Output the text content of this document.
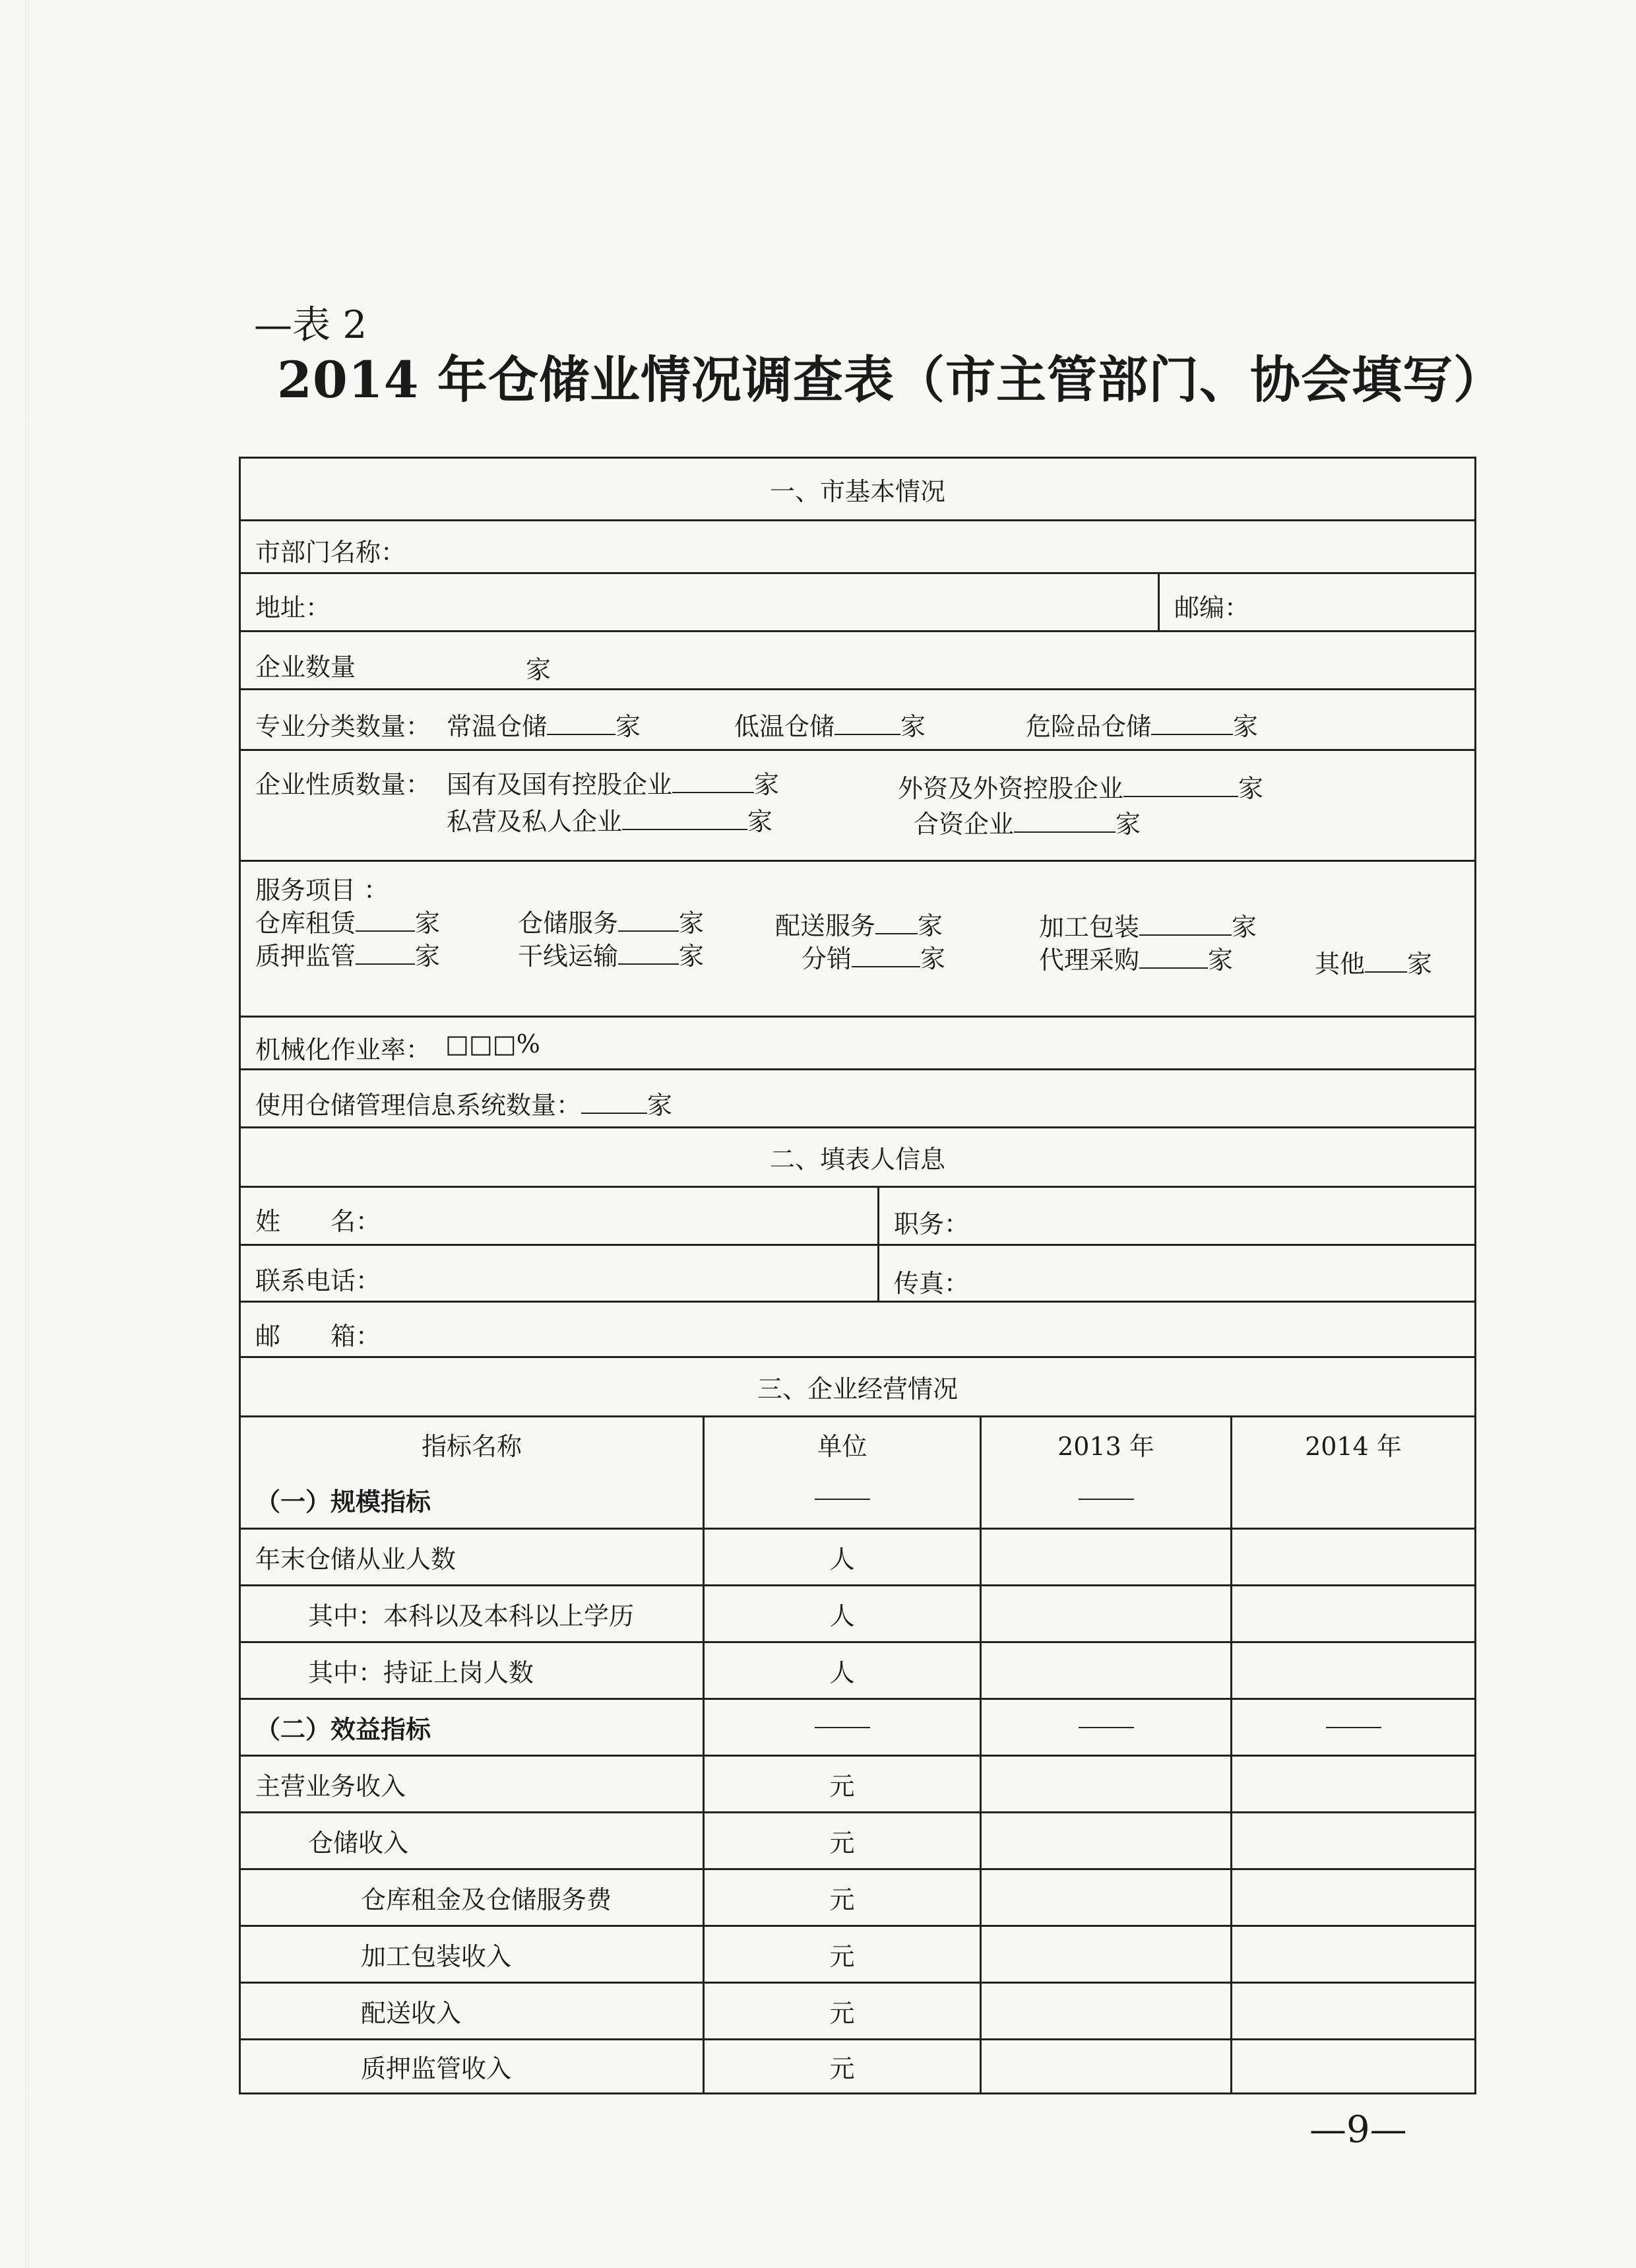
—表 2
2014 年仓储业情况调查表（市主管部门、协会填写）
一、市基本情况
市部门名称：
地址：	邮编：
企业数量	家
专业分类数量： 常温仓储	家	低温仓储	家	危险品仓储	家
企业性质数量： 国有及国有控股企业	家	外资及外资控股企业	家
私营及私人企业	家	合资企业	家
服务项目 ：
仓库租赁 家	仓储服务 家	配送服务 家	加工包装	家
质押监管 家	干线运输 家	分销	家	代理采购	家	其他 家
机械化作业率： □□□%
使用仓储管理信息系统数量：	家
二、填表人信息
姓　　名：	职务：
联系电话：	传真：
邮　　箱：
三、企业经营情况
指标名称	单位	2013 年	2014 年
（一）规模指标
年末仓储从业人数	人
其中：本科以及本科以上学历	人
其中：持证上岗人数	人
（二）效益指标
主营业务收入	元
仓储收入	元
仓库租金及仓储服务费	元
加工包装收入	元
配送收入	元
质押监管收入	元
—9—
